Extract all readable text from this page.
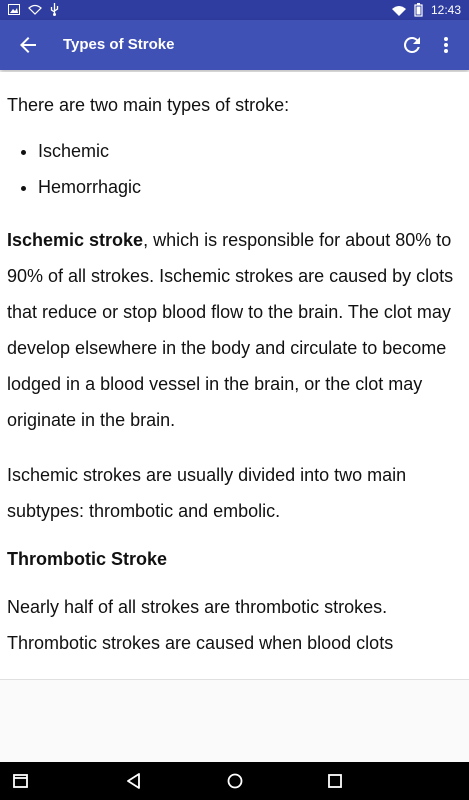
12:43
Types of Stroke

There are two main types of stroke:

• Ischemic
• Hemorrhagic

Ischemic stroke, which is responsible for about 80% to 90% of all strokes. Ischemic strokes are caused by clots that reduce or stop blood flow to the brain. The clot may develop elsewhere in the body and circulate to become lodged in a blood vessel in the brain, or the clot may originate in the brain.

Ischemic strokes are usually divided into two main subtypes: thrombotic and embolic.

Thrombotic Stroke

Nearly half of all strokes are thrombotic strokes. Thrombotic strokes are caused when blood clots
